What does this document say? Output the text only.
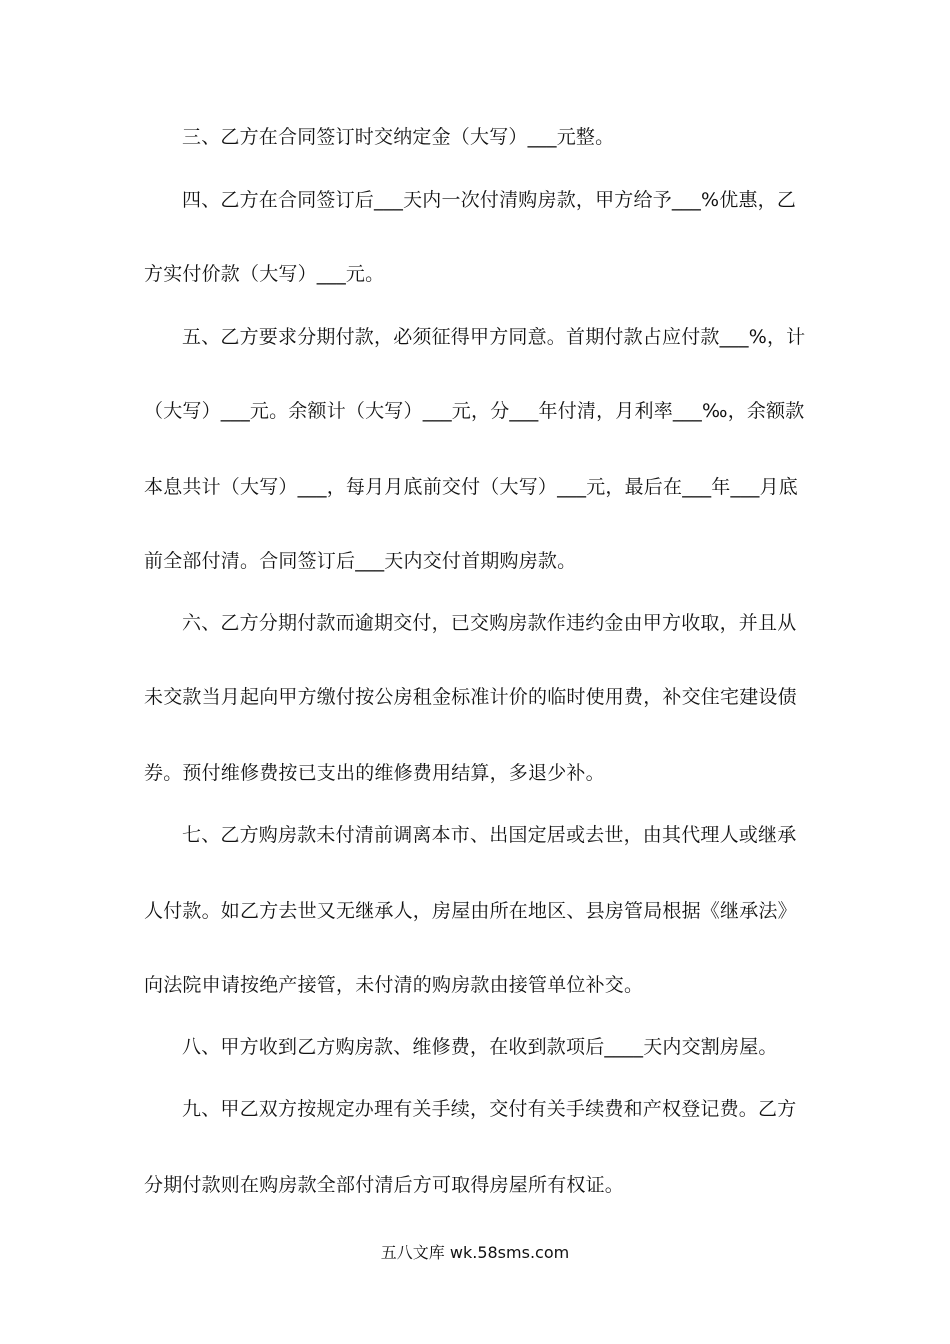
三、乙方在合同签订时交纳定金（大写）___元整。
四、乙方在合同签订后___天内一次付清购房款，甲方给予___%优惠，乙
方实付价款（大写）___元。
五、乙方要求分期付款，必须征得甲方同意。首期付款占应付款___%，计
（大写）___元。余额计（大写）___元，分___年付清，月利率___‰，余额款
本息共计（大写）___，每月月底前交付（大写）___元，最后在___年___月底
前全部付清。合同签订后___天内交付首期购房款。
六、乙方分期付款而逾期交付，已交购房款作违约金由甲方收取，并且从
未交款当月起向甲方缴付按公房租金标准计价的临时使用费，补交住宅建设债
券。预付维修费按已支出的维修费用结算，多退少补。
七、乙方购房款未付清前调离本市、出国定居或去世，由其代理人或继承
人付款。如乙方去世又无继承人，房屋由所在地区、县房管局根据《继承法》
向法院申请按绝产接管，未付清的购房款由接管单位补交。
八、甲方收到乙方购房款、维修费，在收到款项后____天内交割房屋。
九、甲乙双方按规定办理有关手续，交付有关手续费和产权登记费。乙方
分期付款则在购房款全部付清后方可取得房屋所有权证。
五八文库 wk.58sms.com
